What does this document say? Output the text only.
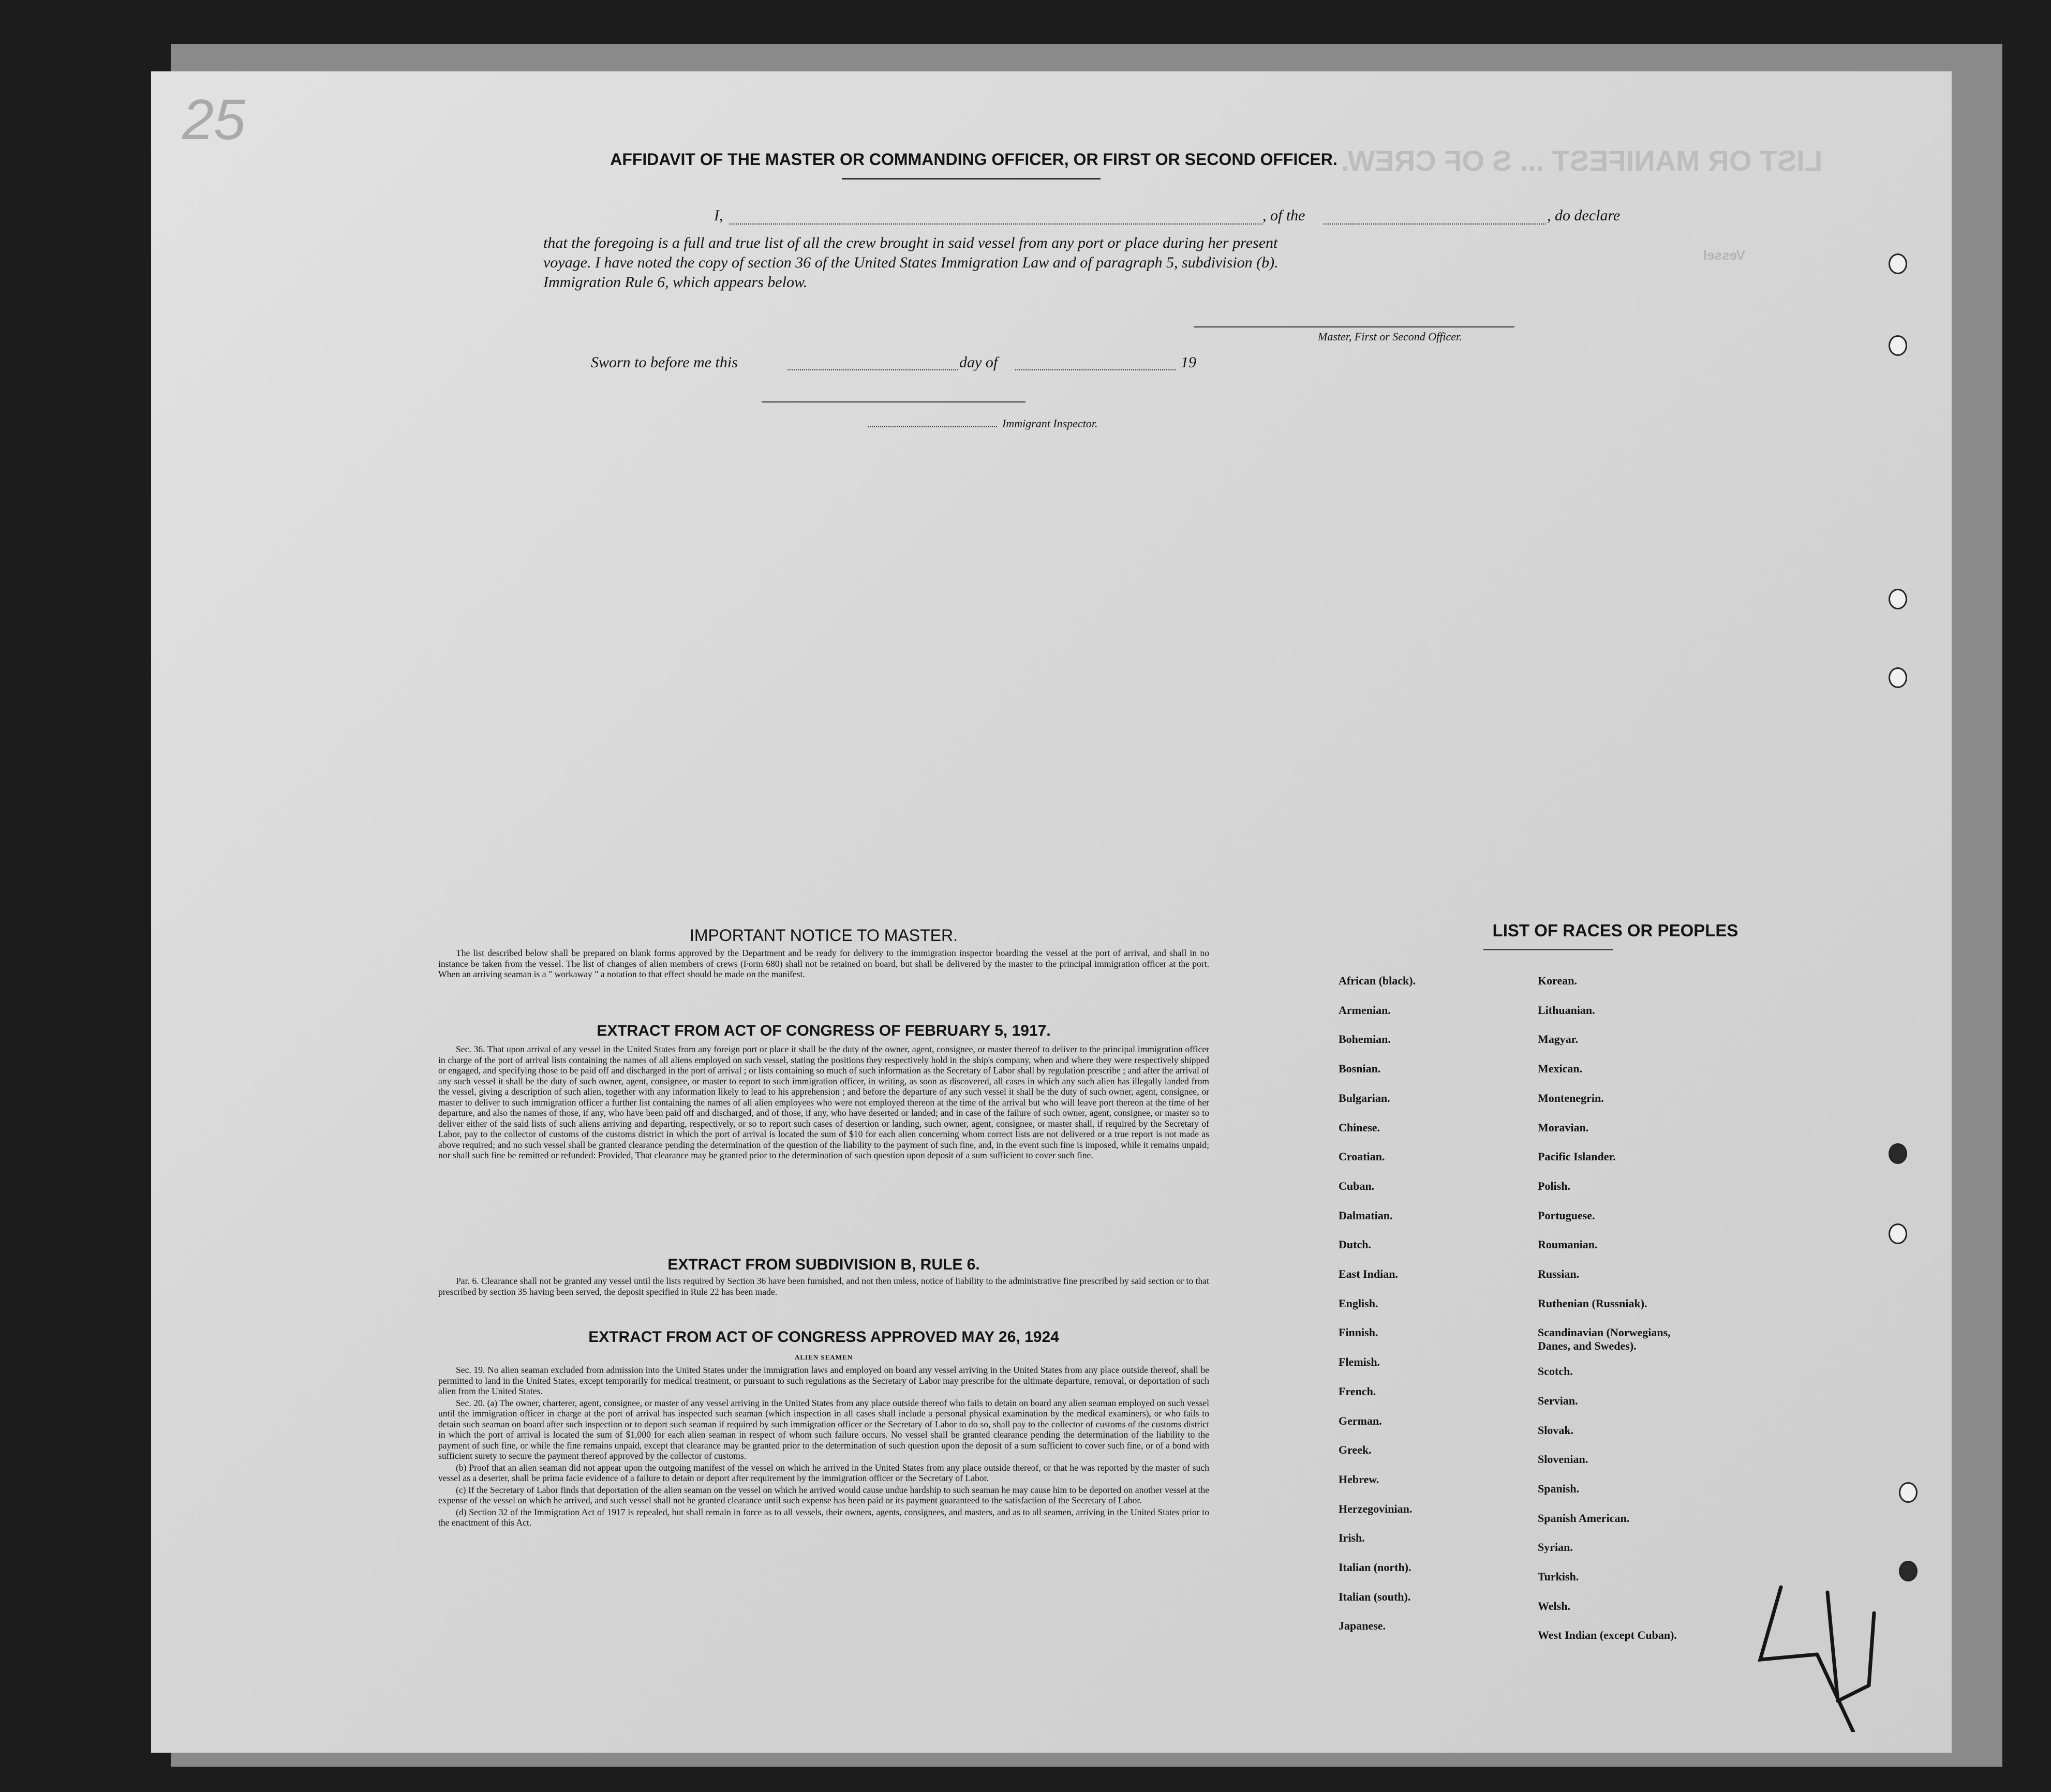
LIST OR MANIFEST ... S OF CREW.
Vessel
25
AFFIDAVIT OF THE MASTER OR COMMANDING OFFICER, OR FIRST OR SECOND OFFICER.
I,	, of the	, do declare
that the foregoing is a full and true list of all the crew brought in said vessel from any port or place during her present
voyage. I have noted the copy of section 36 of the United States Immigration Law and of paragraph 5, subdivision (b).
Immigration Rule 6, which appears below.
Master, First or Second Officer.
Sworn to before me this	day of	19
Immigrant Inspector.
IMPORTANT NOTICE TO MASTER.

The list described below shall be prepared on blank forms approved by the Department and be ready for delivery to the immigration inspector boarding the vessel at the port of arrival, and shall in no instance be taken from the vessel. The list of changes of alien members of crews (Form 680) shall not be retained on board, but shall be delivered by the master to the principal immigration officer at the port. When an arriving seaman is a " workaway " a notation to that effect should be made on the manifest.

EXTRACT FROM ACT OF CONGRESS OF FEBRUARY 5, 1917.

Sec. 36. That upon arrival of any vessel in the United States from any foreign port or place it shall be the duty of the owner, agent, consignee, or master thereof to deliver to the principal immigration officer in charge of the port of arrival lists containing the names of all aliens employed on such vessel, stating the positions they respectively hold in the ship's company, when and where they were respectively shipped or engaged, and specifying those to be paid off and discharged in the port of arrival ; or lists containing so much of such information as the Secretary of Labor shall by regulation prescribe ; and after the arrival of any such vessel it shall be the duty of such owner, agent, consignee, or master to report to such immigration officer, in writing, as soon as discovered, all cases in which any such alien has illegally landed from the vessel, giving a description of such alien, together with any information likely to lead to his apprehension ; and before the departure of any such vessel it shall be the duty of such owner, agent, consignee, or master to deliver to such immigration officer a further list containing the names of all alien employees who were not employed thereon at the time of the arrival but who will leave port thereon at the time of her departure, and also the names of those, if any, who have been paid off and discharged, and of those, if any, who have deserted or landed; and in case of the failure of such owner, agent, consignee, or master so to deliver either of the said lists of such aliens arriving and departing, respectively, or so to report such cases of desertion or landing, such owner, agent, consignee, or master shall, if required by the Secretary of Labor, pay to the collector of customs of the customs district in which the port of arrival is located the sum of $10 for each alien concerning whom correct lists are not delivered or a true report is not made as above required; and no such vessel shall be granted clearance pending the determination of the question of the liability to the payment of such fine, and, in the event such fine is imposed, while it remains unpaid; nor shall such fine be remitted or refunded: Provided, That clearance may be granted prior to the determination of such question upon deposit of a sum sufficient to cover such fine.

EXTRACT FROM SUBDIVISION B, RULE 6.

Par. 6. Clearance shall not be granted any vessel until the lists required by Section 36 have been furnished, and not then unless, notice of liability to the administrative fine prescribed by said section or to that prescribed by section 35 having been served, the deposit specified in Rule 22 has been made.

EXTRACT FROM ACT OF CONGRESS APPROVED MAY 26, 1924
ALIEN SEAMEN

Sec. 19. No alien seaman excluded from admission into the United States under the immigration laws and employed on board any vessel arriving in the United States from any place outside thereof, shall be permitted to land in the United States, except temporarily for medical treatment, or pursuant to such regulations as the Secretary of Labor may prescribe for the ultimate departure, removal, or deportation of such alien from the United States.

Sec. 20. (a) The owner, charterer, agent, consignee, or master of any vessel arriving in the United States from any place outside thereof who fails to detain on board any alien seaman employed on such vessel until the immigration officer in charge at the port of arrival has inspected such seaman (which inspection in all cases shall include a personal physical examination by the medical examiners), or who fails to detain such seaman on board after such inspection or to deport such seaman if required by such immigration officer or the Secretary of Labor to do so, shall pay to the collector of customs of the customs district in which the port of arrival is located the sum of $1,000 for each alien seaman in respect of whom such failure occurs. No vessel shall be granted clearance pending the determination of the liability to the payment of such fine, or while the fine remains unpaid, except that clearance may be granted prior to the determination of such question upon the deposit of a sum sufficient to cover such fine, or of a bond with sufficient surety to secure the payment thereof approved by the collector of customs.

(b) Proof that an alien seaman did not appear upon the outgoing manifest of the vessel on which he arrived in the United States from any place outside thereof, or that he was reported by the master of such vessel as a deserter, shall be prima facie evidence of a failure to detain or deport after requirement by the immigration officer or the Secretary of Labor.

(c) If the Secretary of Labor finds that deportation of the alien seaman on the vessel on which he arrived would cause undue hardship to such seaman he may cause him to be deported on another vessel at the expense of the vessel on which he arrived, and such vessel shall not be granted clearance until such expense has been paid or its payment guaranteed to the satisfaction of the Secretary of Labor.

(d) Section 32 of the Immigration Act of 1917 is repealed, but shall remain in force as to all vessels, their owners, agents, consignees, and masters, and as to all seamen, arriving in the United States prior to the enactment of this Act.

LIST OF RACES OR PEOPLES
African (black).
Armenian.
Bohemian.
Bosnian.
Bulgarian.
Chinese.
Croatian.
Cuban.
Dalmatian.
Dutch.
East Indian.
English.
Finnish.
Flemish.
French.
German.
Greek.
Hebrew.
Herzegovinian.
Irish.
Italian (north).
Italian (south).
Japanese.
Korean.
Lithuanian.
Magyar.
Mexican.
Montenegrin.
Moravian.
Pacific Islander.
Polish.
Portuguese.
Roumanian.
Russian.
Ruthenian (Russniak).
Scandinavian (Norwegians,
Danes, and Swedes).
Scotch.
Servian.
Slovak.
Slovenian.
Spanish.
Spanish American.
Syrian.
Turkish.
Welsh.
West Indian (except Cuban).
